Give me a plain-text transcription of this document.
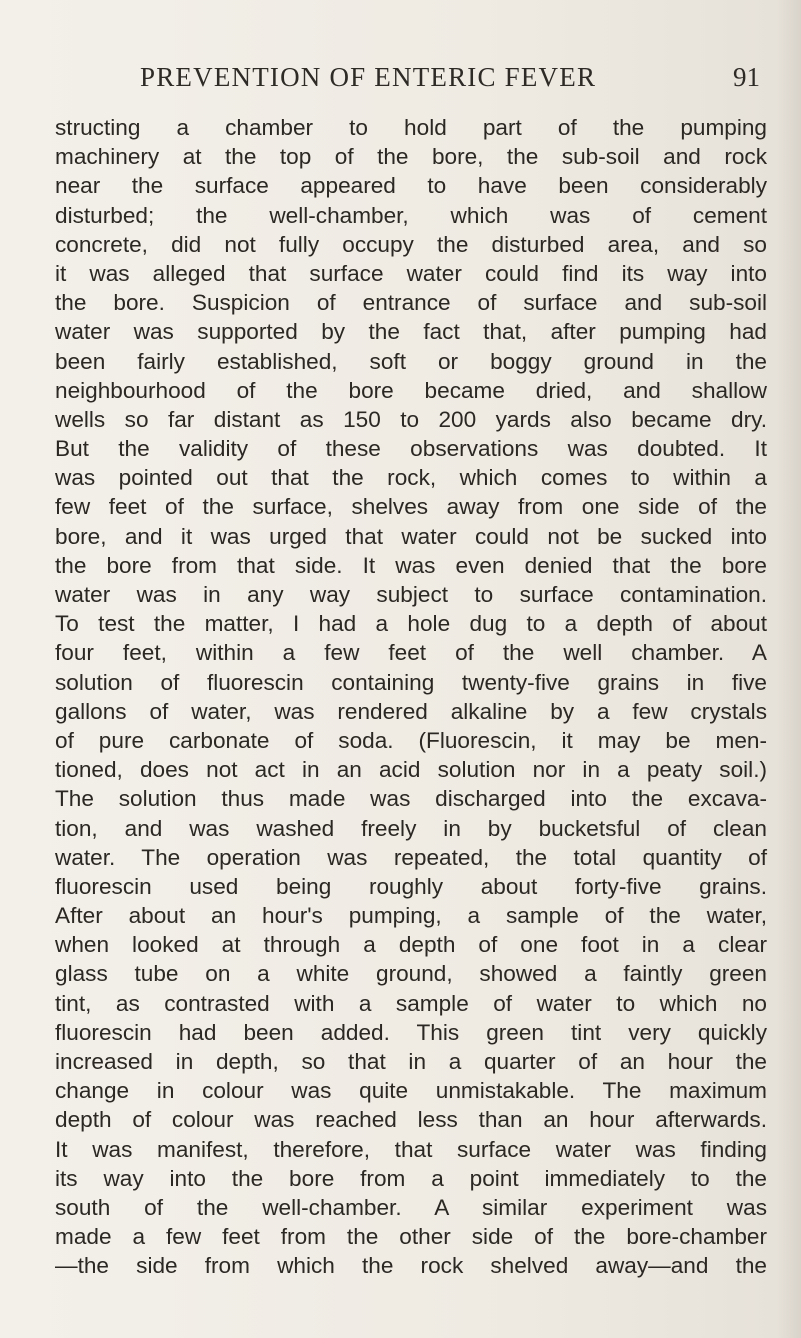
PREVENTION OF ENTERIC FEVER	91
structing a chamber to hold part of the pumping
machinery at the top of the bore, the sub-soil and rock
near the surface appeared to have been considerably
disturbed; the well-chamber, which was of cement
concrete, did not fully occupy the disturbed area, and so
it was alleged that surface water could find its way into
the bore. Suspicion of entrance of surface and sub-soil
water was supported by the fact that, after pumping had
been fairly established, soft or boggy ground in the
neighbourhood of the bore became dried, and shallow
wells so far distant as 150 to 200 yards also became dry.
But the validity of these observations was doubted. It
was pointed out that the rock, which comes to within a
few feet of the surface, shelves away from one side of the
bore, and it was urged that water could not be sucked into
the bore from that side. It was even denied that the bore
water was in any way subject to surface contamination.
To test the matter, I had a hole dug to a depth of about
four feet, within a few feet of the well chamber. A
solution of fluorescin containing twenty-five grains in five
gallons of water, was rendered alkaline by a few crystals
of pure carbonate of soda. (Fluorescin, it may be men-
tioned, does not act in an acid solution nor in a peaty soil.)
The solution thus made was discharged into the excava-
tion, and was washed freely in by bucketsful of clean
water. The operation was repeated, the total quantity of
fluorescin used being roughly about forty-five grains.
After about an hour's pumping, a sample of the water,
when looked at through a depth of one foot in a clear
glass tube on a white ground, showed a faintly green
tint, as contrasted with a sample of water to which no
fluorescin had been added. This green tint very quickly
increased in depth, so that in a quarter of an hour the
change in colour was quite unmistakable. The maximum
depth of colour was reached less than an hour afterwards.
It was manifest, therefore, that surface water was finding
its way into the bore from a point immediately to the
south of the well-chamber. A similar experiment was
made a few feet from the other side of the bore-chamber
—the side from which the rock shelved away—and the
